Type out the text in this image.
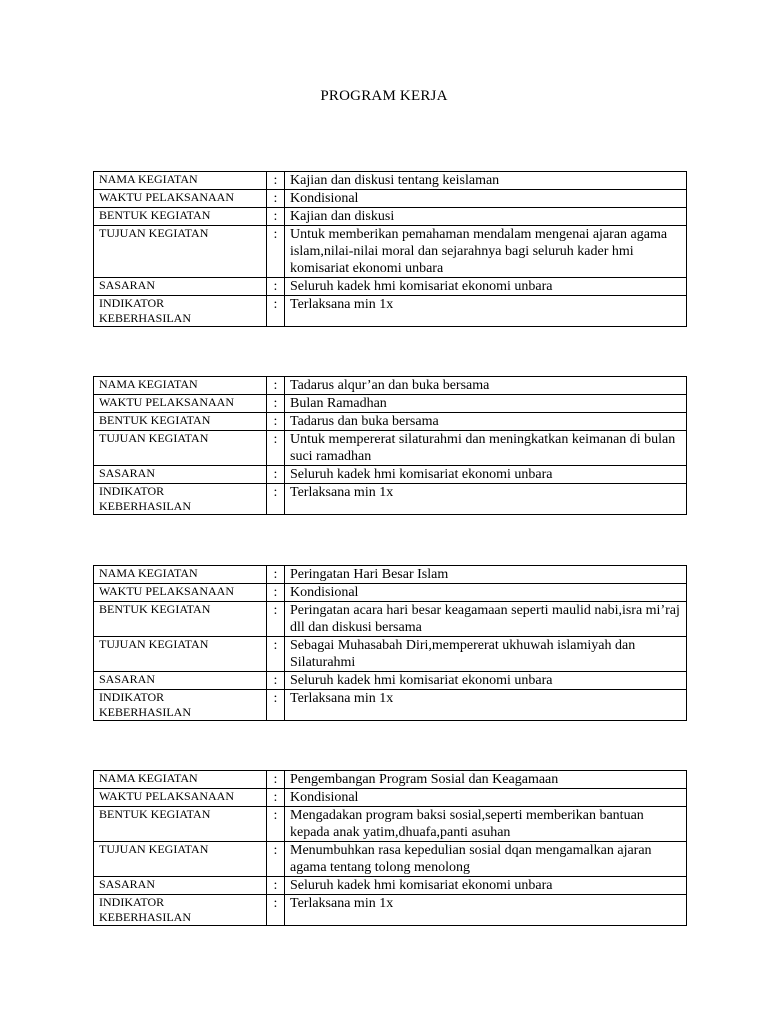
PROGRAM KERJA
NAMA KEGIATAN	:	Kajian dan diskusi tentang keislaman
WAKTU PELAKSANAAN	:	Kondisional
BENTUK KEGIATAN	:	Kajian dan diskusi
TUJUAN KEGIATAN	:	Untuk memberikan pemahaman mendalam mengenai ajaran agama islam,nilai-nilai moral dan sejarahnya bagi seluruh kader hmi komisariat ekonomi unbara
SASARAN	:	Seluruh kadek hmi komisariat ekonomi unbara
INDIKATOR
KEBERHASILAN	:	Terlaksana min 1x
NAMA KEGIATAN	:	Tadarus alqur’an dan buka bersama
WAKTU PELAKSANAAN	:	Bulan Ramadhan
BENTUK KEGIATAN	:	Tadarus dan buka bersama
TUJUAN KEGIATAN	:	Untuk mempererat silaturahmi dan meningkatkan keimanan di bulan suci ramadhan
SASARAN	:	Seluruh kadek hmi komisariat ekonomi unbara
INDIKATOR
KEBERHASILAN	:	Terlaksana min 1x
NAMA KEGIATAN	:	Peringatan Hari Besar Islam
WAKTU PELAKSANAAN	:	Kondisional
BENTUK KEGIATAN	:	Peringatan acara hari besar keagamaan seperti maulid nabi,isra mi’raj dll dan diskusi bersama
TUJUAN KEGIATAN	:	Sebagai Muhasabah Diri,mempererat ukhuwah islamiyah dan Silaturahmi
SASARAN	:	Seluruh kadek hmi komisariat ekonomi unbara
INDIKATOR
KEBERHASILAN	:	Terlaksana min 1x
NAMA KEGIATAN	:	Pengembangan Program Sosial dan Keagamaan
WAKTU PELAKSANAAN	:	Kondisional
BENTUK KEGIATAN	:	Mengadakan program baksi sosial,seperti memberikan bantuan kepada anak yatim,dhuafa,panti asuhan
TUJUAN KEGIATAN	:	Menumbuhkan rasa kepedulian sosial dqan mengamalkan ajaran agama tentang tolong menolong
SASARAN	:	Seluruh kadek hmi komisariat ekonomi unbara
INDIKATOR
KEBERHASILAN	:	Terlaksana min 1x
